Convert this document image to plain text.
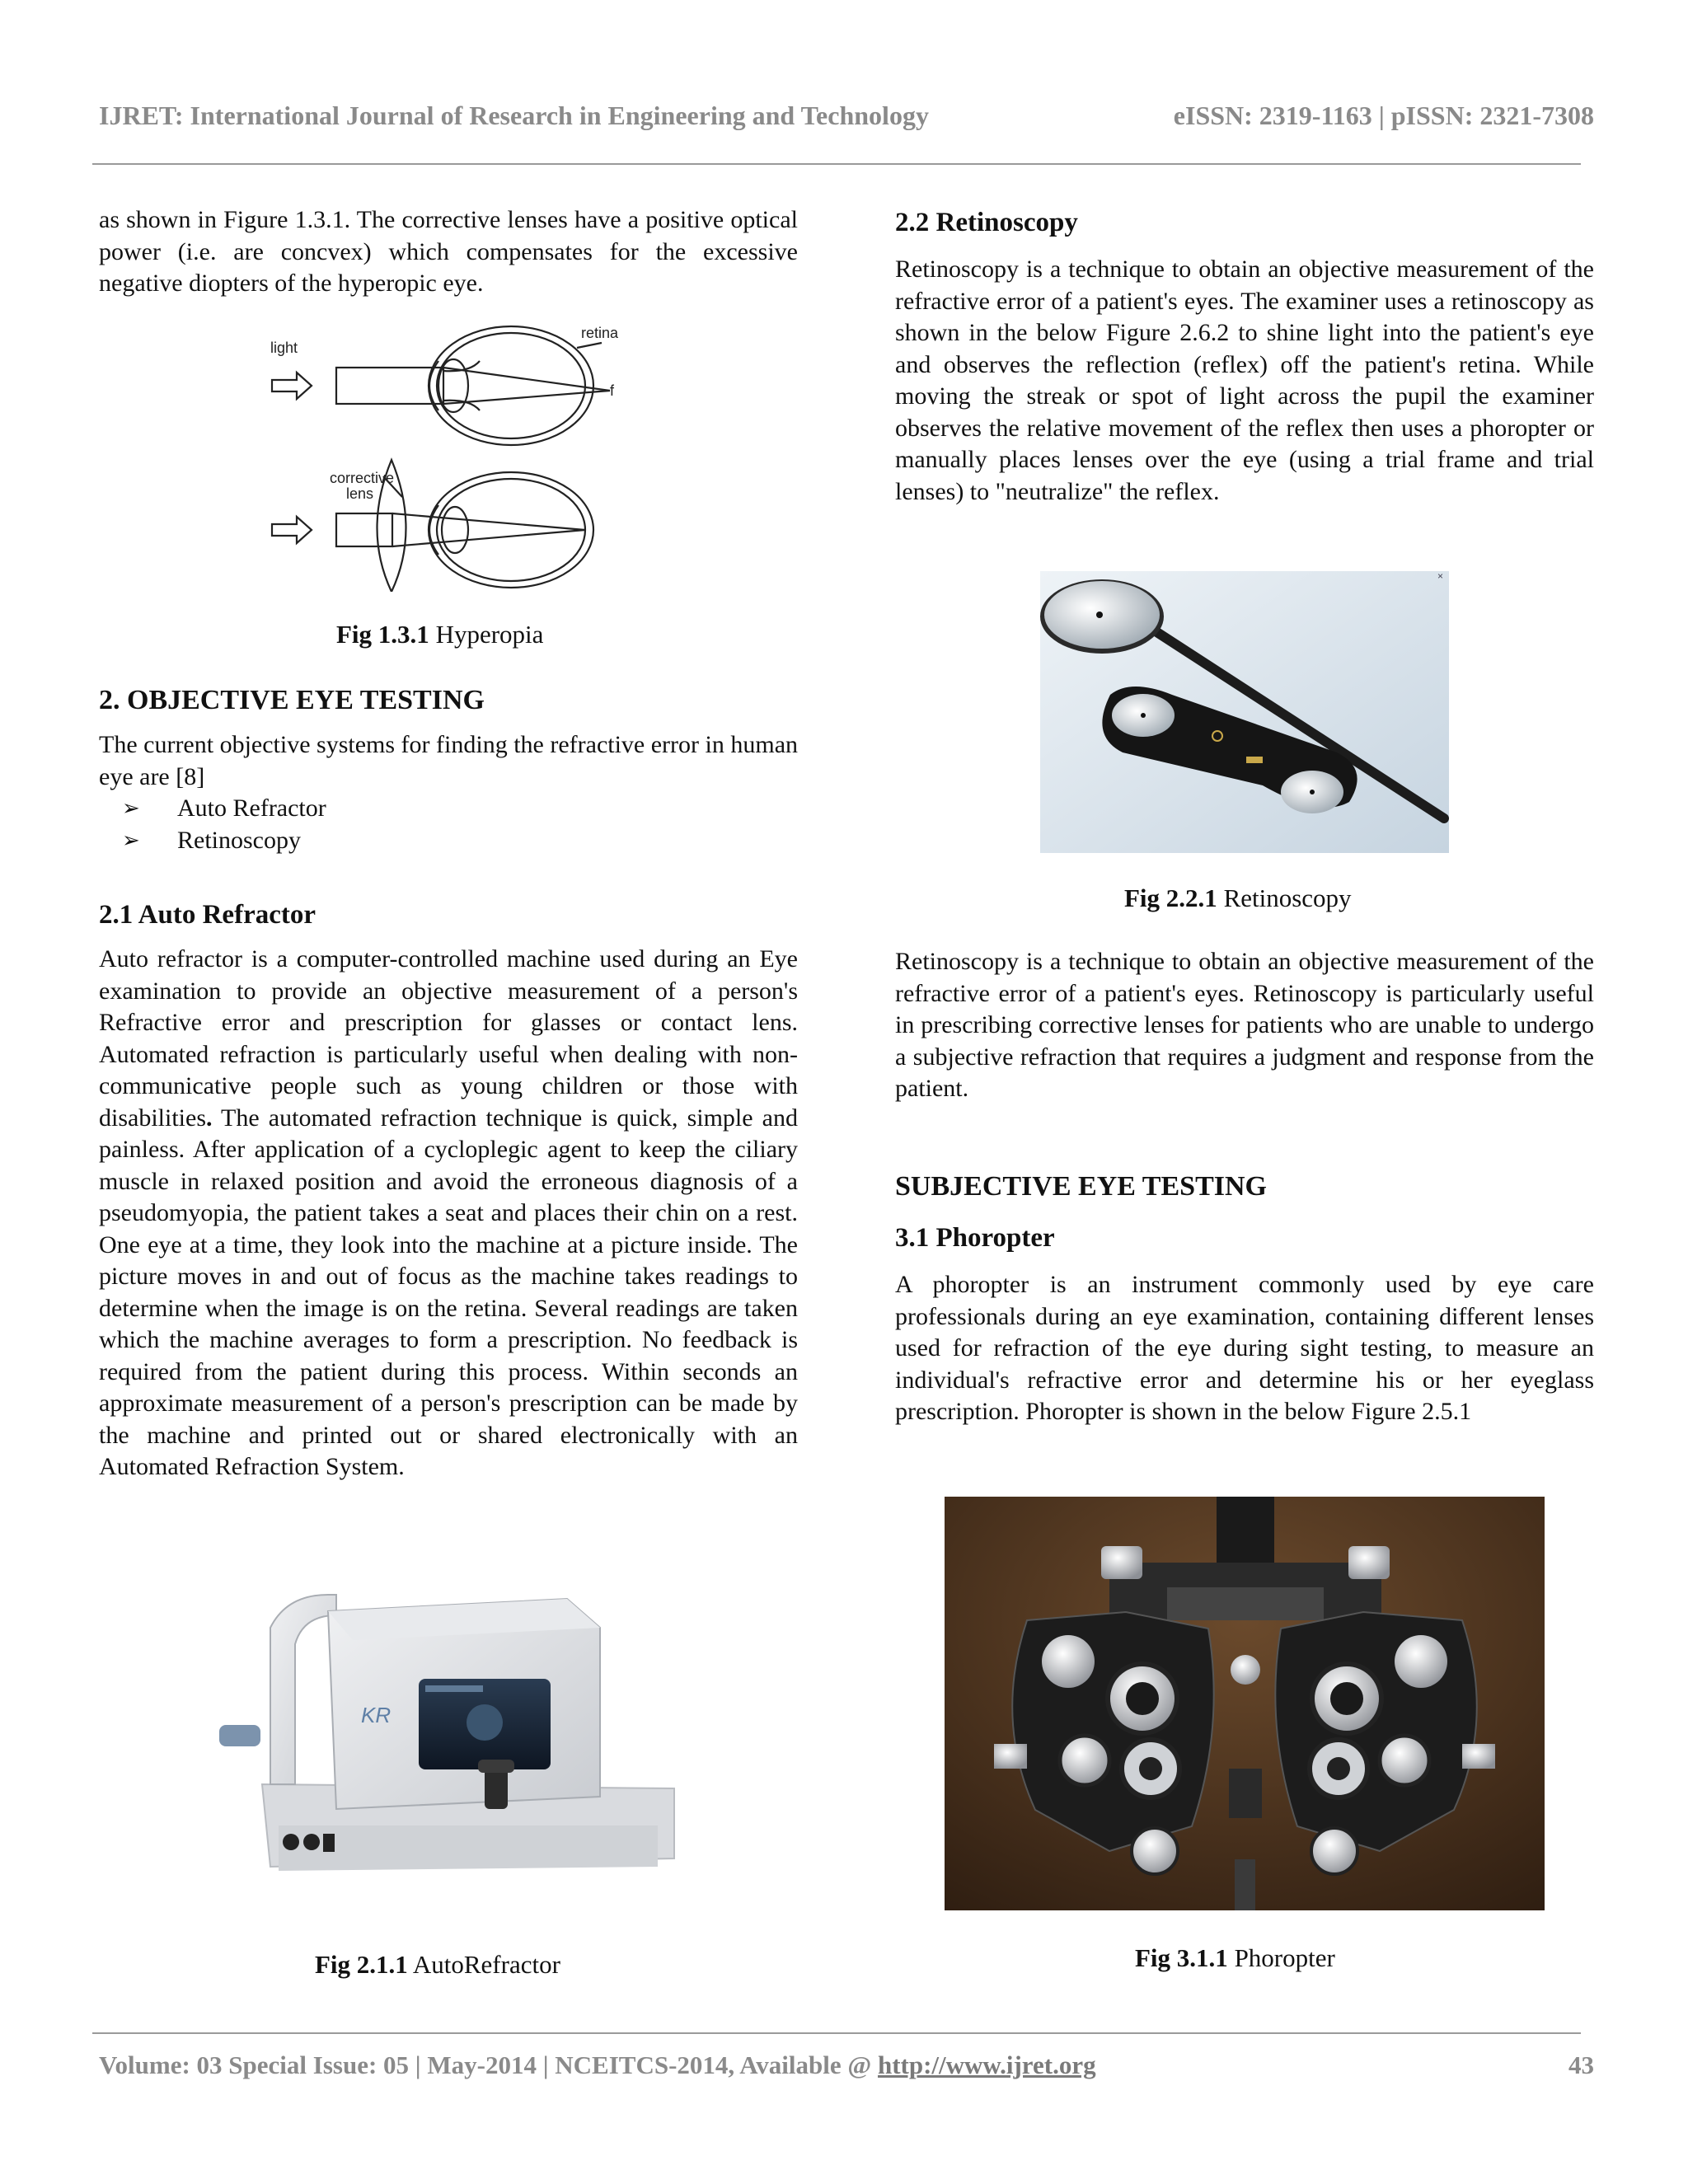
IJRET: International Journal of Research in Engineering and Technology	eISSN: 2319-1163 | pISSN: 2321-7308

as shown in Figure 1.3.1. The corrective lenses have a positive optical power (i.e. are concvex) which compensates for the excessive negative diopters of the hyperopic eye.

light
retina
f
corrective
lens
Fig 1.3.1 Hyperopia
2. OBJECTIVE EYE TESTING

The current objective systems for finding the refractive error in human eye are [8]

➢ Auto Refractor
➢ Retinoscopy
2.1 Auto Refractor

Auto refractor is a computer-controlled machine used during an Eye examination to provide an objective measurement of a person's Refractive error and prescription for glasses or contact lens. Automated refraction is particularly useful when dealing with non-communicative people such as young children or those with disabilities. The automated refraction technique is quick, simple and painless. After application of a cycloplegic agent to keep the ciliary muscle in relaxed position and avoid the erroneous diagnosis of a pseudomyopia, the patient takes a seat and places their chin on a rest. One eye at a time, they look into the machine at a picture inside. The picture moves in and out of focus as the machine takes readings to determine when the image is on the retina. Several readings are taken which the machine averages to form a prescription. No feedback is required from the patient during this process. Within seconds an approximate measurement of a person's prescription can be made by the machine and printed out or shared electronically with an Automated Refraction System.

KR
Fig 2.1.1 AutoRefractor
2.2 Retinoscopy

Retinoscopy is a technique to obtain an objective measurement of the refractive error of a patient's eyes. The examiner uses a retinoscopy as shown in the below Figure 2.6.2 to shine light into the patient's eye and observes the reflection (reflex) off the patient's retina. While moving the streak or spot of light across the pupil the examiner observes the relative movement of the reflex then uses a phoropter or manually places lenses over the eye (using a trial frame and trial lenses) to "neutralize" the reflex.

×
Fig 2.2.1 Retinoscopy

Retinoscopy is a technique to obtain an objective measurement of the refractive error of a patient's eyes. Retinoscopy is particularly useful in prescribing corrective lenses for patients who are unable to undergo a subjective refraction that requires a judgment and response from the patient.

SUBJECTIVE EYE TESTING
3.1 Phoropter

A phoropter is an instrument commonly used by eye care professionals during an eye examination, containing different lenses used for refraction of the eye during sight testing, to measure an individual's refractive error and determine his or her eyeglass prescription. Phoropter is shown in the below Figure 2.5.1

Fig 3.1.1 Phoropter
Volume: 03 Special Issue: 05 | May-2014 | NCEITCS-2014, Available @ http://www.ijret.org	43
